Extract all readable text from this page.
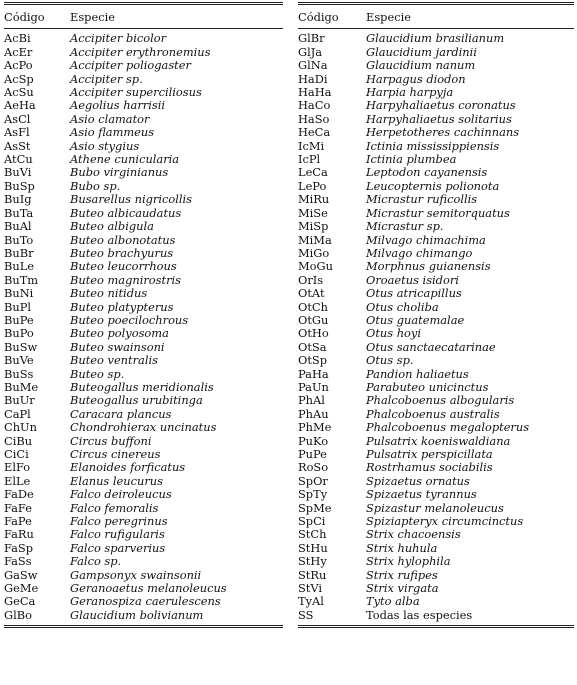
Código	Especie
AcBi	Accipiter bicolor
AcEr	Accipiter erythronemius
AcPo	Accipiter poliogaster
AcSp	Accipiter sp.
AcSu	Accipiter superciliosus
AeHa	Aegolius harrisii
AsCl	Asio clamator
AsFl	Asio flammeus
AsSt	Asio stygius
AtCu	Athene cunicularia
BuVi	Bubo virginianus
BuSp	Bubo sp.
BuIg	Busarellus nigricollis
BuTa	Buteo albicaudatus
BuAl	Buteo albigula
BuTo	Buteo albonotatus
BuBr	Buteo brachyurus
BuLe	Buteo leucorrhous
BuTm	Buteo magnirostris
BuNi	Buteo nitidus
BuPl	Buteo platypterus
BuPe	Buteo poecilochrous
BuPo	Buteo polyosoma
BuSw	Buteo swainsoni
BuVe	Buteo ventralis
BuSs	Buteo sp.
BuMe	Buteogallus meridionalis
BuUr	Buteogallus urubitinga
CaPl	Caracara plancus
ChUn	Chondrohierax uncinatus
CiBu	Circus buffoni
CiCi	Circus cinereus
ElFo	Elanoides forficatus
ElLe	Elanus leucurus
FaDe	Falco deiroleucus
FaFe	Falco femoralis
FaPe	Falco peregrinus
FaRu	Falco rufigularis
FaSp	Falco sparverius
FaSs	Falco sp.
GaSw	Gampsonyx swainsonii
GeMe	Geranoaetus melanoleucus
GeCa	Geranospiza caerulescens
GlBo	Glaucidium bolivianum
Código	Especie
GlBr	Glaucidium brasilianum
GlJa	Glaucidium jardinii
GlNa	Glaucidium nanum
HaDi	Harpagus diodon
HaHa	Harpia harpyja
HaCo	Harpyhaliaetus coronatus
HaSo	Harpyhaliaetus solitarius
HeCa	Herpetotheres cachinnans
IcMi	Ictinia mississippiensis
IcPl	Ictinia plumbea
LeCa	Leptodon cayanensis
LePo	Leucopternis polionota
MiRu	Micrastur ruficollis
MiSe	Micrastur semitorquatus
MiSp	Micrastur sp.
MiMa	Milvago chimachima
MiGo	Milvago chimango
MoGu	Morphnus guianensis
OrIs	Oroaetus isidori
OtAt	Otus atricapillus
OtCh	Otus choliba
OtGu	Otus guatemalae
OtHo	Otus hoyi
OtSa	Otus sanctaecatarinae
OtSp	Otus sp.
PaHa	Pandion haliaetus
PaUn	Parabuteo unicinctus
PhAl	Phalcoboenus albogularis
PhAu	Phalcoboenus australis
PhMe	Phalcoboenus megalopterus
PuKo	Pulsatrix koeniswaldiana
PuPe	Pulsatrix perspicillata
RoSo	Rostrhamus sociabilis
SpOr	Spizaetus ornatus
SpTy	Spizaetus tyrannus
SpMe	Spizastur melanoleucus
SpCi	Spiziapteryx circumcinctus
StCh	Strix chacoensis
StHu	Strix huhula
StHy	Strix hylophila
StRu	Strix rufipes
StVi	Strix virgata
TyAl	Tyto alba
SS	Todas las especies
